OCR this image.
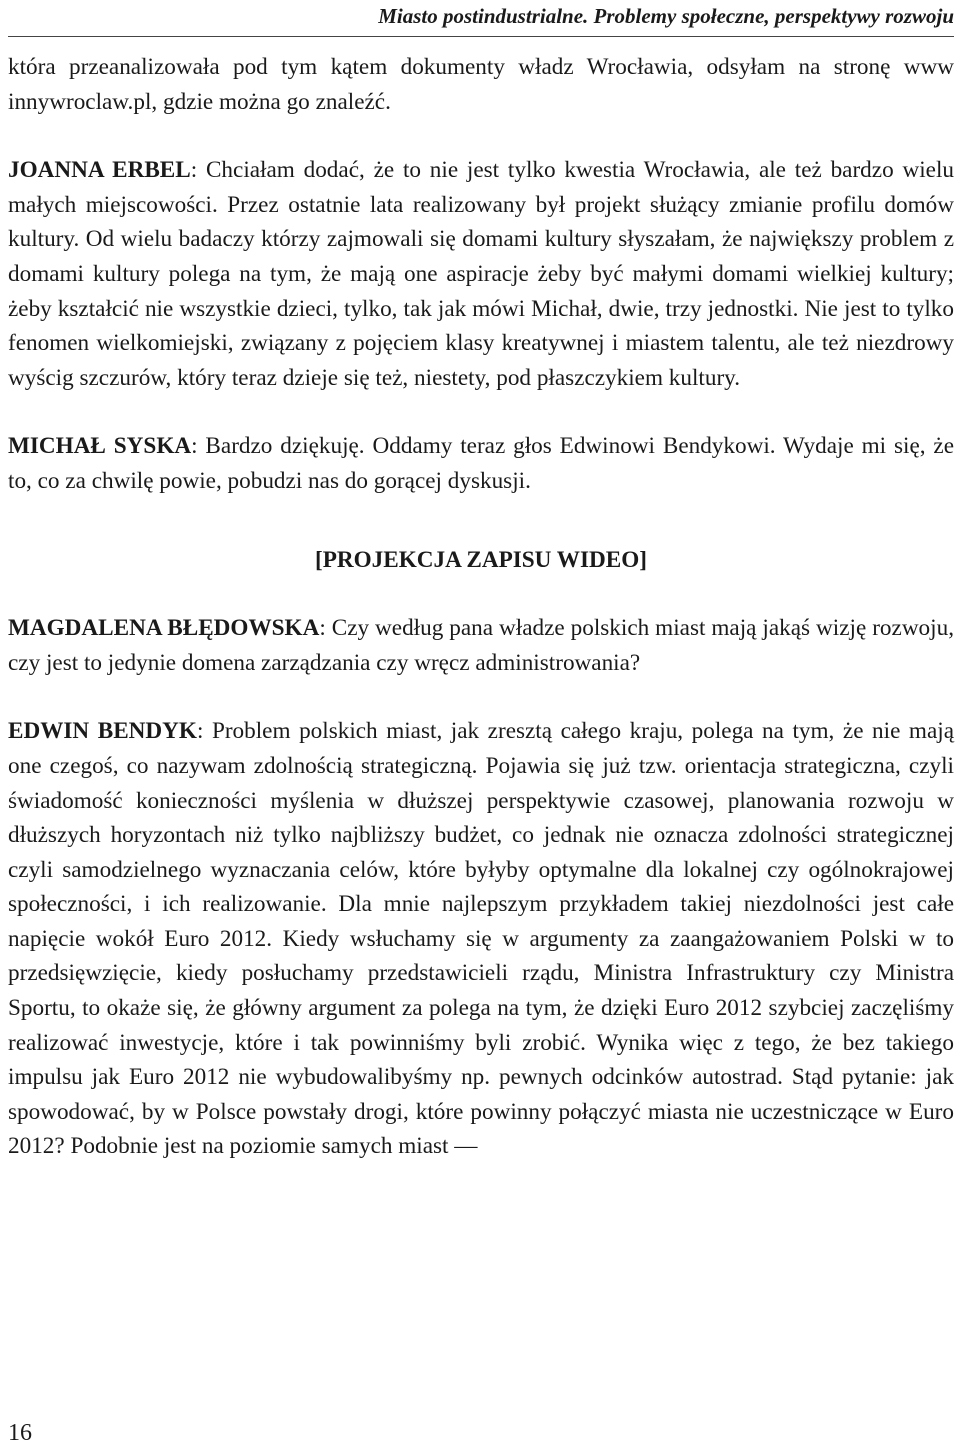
Miasto postindustrialne. Problemy społeczne, perspektywy rozwoju

która przeanalizowała pod tym kątem dokumenty władz Wrocławia, odsyłam na stronę www innywroclaw.pl, gdzie można go znaleźć.

JOANNA ERBEL: Chciałam dodać, że to nie jest tylko kwestia Wrocławia, ale też bardzo wielu małych miejscowości. Przez ostatnie lata realizowany był projekt służący zmianie profilu domów kultury. Od wielu badaczy którzy zajmowali się domami kultury słyszałam, że największy problem z domami kultury polega na tym, że mają one aspiracje żeby być małymi domami wielkiej kultury; żeby kształcić nie wszystkie dzieci, tylko, tak jak mówi Michał, dwie, trzy jednostki. Nie jest to tylko fenomen wielkomiejski, związany z pojęciem klasy kreatywnej i miastem talentu, ale też niezdrowy wyścig szczurów, który teraz dzieje się też, niestety, pod płaszczykiem kultury.

MICHAŁ SYSKA: Bardzo dziękuję. Oddamy teraz głos Edwinowi Bendykowi. Wydaje mi się, że to, co za chwilę powie, pobudzi nas do gorącej dyskusji.

[PROJEKCJA ZAPISU WIDEO]

MAGDALENA BŁĘDOWSKA: Czy według pana władze polskich miast mają jakąś wizję rozwoju, czy jest to jedynie domena zarządzania czy wręcz administrowania?

EDWIN BENDYK: Problem polskich miast, jak zresztą całego kraju, polega na tym, że nie mają one czegoś, co nazywam zdolnością strategiczną. Pojawia się już tzw. orientacja strategiczna, czyli świadomość konieczności myślenia w dłuższej perspektywie czasowej, planowania rozwoju w dłuższych horyzontach niż tylko najbliższy budżet, co jednak nie oznacza zdolności strategicznej czyli samodzielnego wyznaczania celów, które byłyby optymalne dla lokalnej czy ogólnokrajowej społeczności, i ich realizowanie. Dla mnie najlepszym przykładem takiej niezdolności jest całe napięcie wokół Euro 2012. Kiedy wsłuchamy się w argumenty za zaangażowaniem Polski w to przedsięwzięcie, kiedy posłuchamy przedstawicieli rządu, Ministra Infrastruktury czy Ministra Sportu, to okaże się, że główny argument za polega na tym, że dzięki Euro 2012 szybciej zaczęliśmy realizować inwestycje, które i tak powinniśmy byli zrobić. Wynika więc z tego, że bez takiego impulsu jak Euro 2012 nie wybudowalibyśmy np. pewnych odcinków autostrad. Stąd pytanie: jak spowodować, by w Polsce powstały drogi, które powinny połączyć miasta nie uczestniczące w Euro 2012? Podobnie jest na poziomie samych miast —

16
